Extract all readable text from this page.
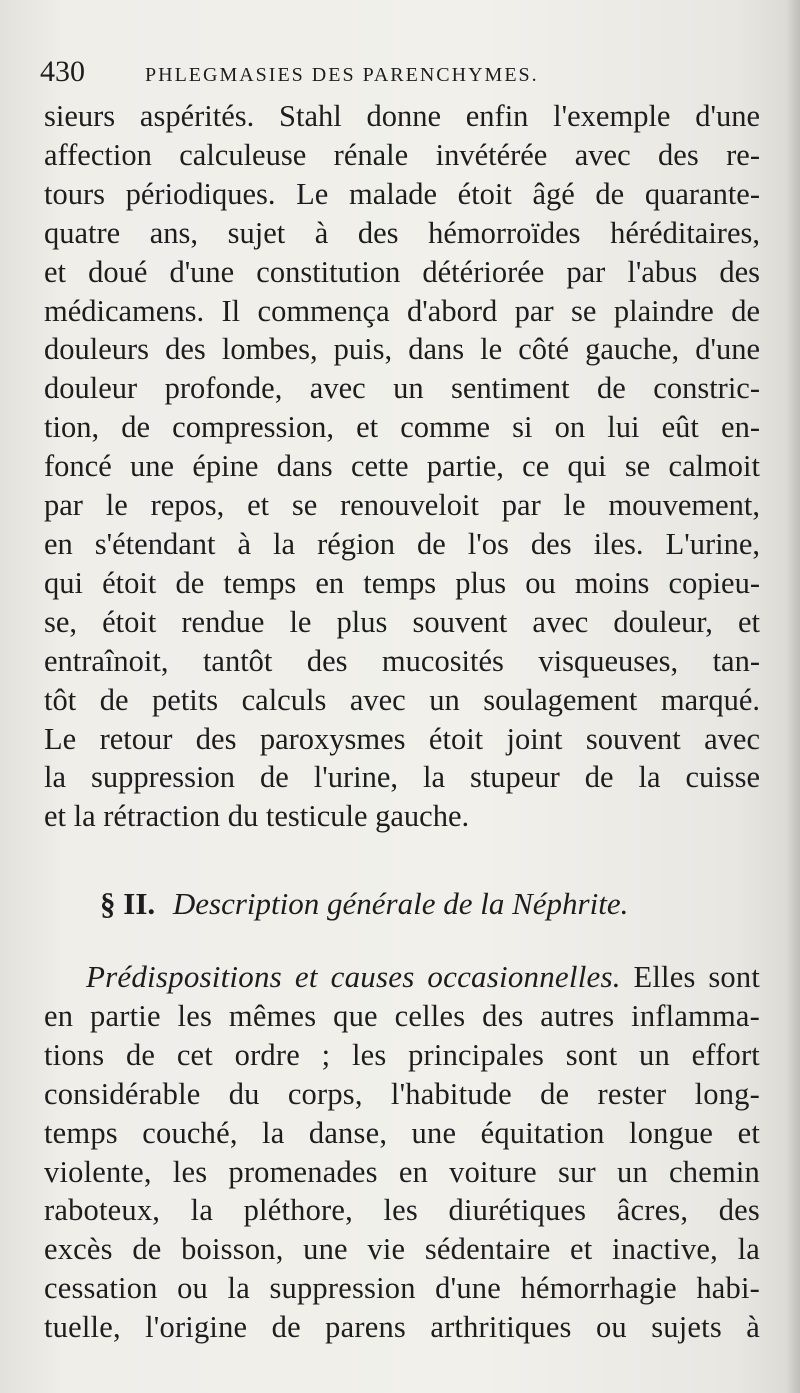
430	PHLEGMASIES DES PARENCHYMES.
sieurs aspérités. Stahl donne enfin l'exemple d'une
affection calculeuse rénale invétérée avec des re-
tours périodiques. Le malade étoit âgé de quarante-
quatre ans, sujet à des hémorroïdes héréditaires,
et doué d'une constitution détériorée par l'abus des
médicamens. Il commença d'abord par se plaindre de
douleurs des lombes, puis, dans le côté gauche, d'une
douleur profonde, avec un sentiment de constric-
tion, de compression, et comme si on lui eût en-
foncé une épine dans cette partie, ce qui se calmoit
par le repos, et se renouveloit par le mouvement,
en s'étendant à la région de l'os des iles. L'urine,
qui étoit de temps en temps plus ou moins copieu-
se, étoit rendue le plus souvent avec douleur, et
entraînoit, tantôt des mucosités visqueuses, tan-
tôt de petits calculs avec un soulagement marqué.
Le retour des paroxysmes étoit joint souvent avec
la suppression de l'urine, la stupeur de la cuisse
et la rétraction du testicule gauche.
§ II. Description générale de la Néphrite.
Prédispositions et causes occasionnelles. Elles sont
en partie les mêmes que celles des autres inflamma-
tions de cet ordre ; les principales sont un effort
considérable du corps, l'habitude de rester long-
temps couché, la danse, une équitation longue et
violente, les promenades en voiture sur un chemin
raboteux, la pléthore, les diurétiques âcres, des
excès de boisson, une vie sédentaire et inactive, la
cessation ou la suppression d'une hémorrhagie habi-
tuelle, l'origine de parens arthritiques ou sujets à
